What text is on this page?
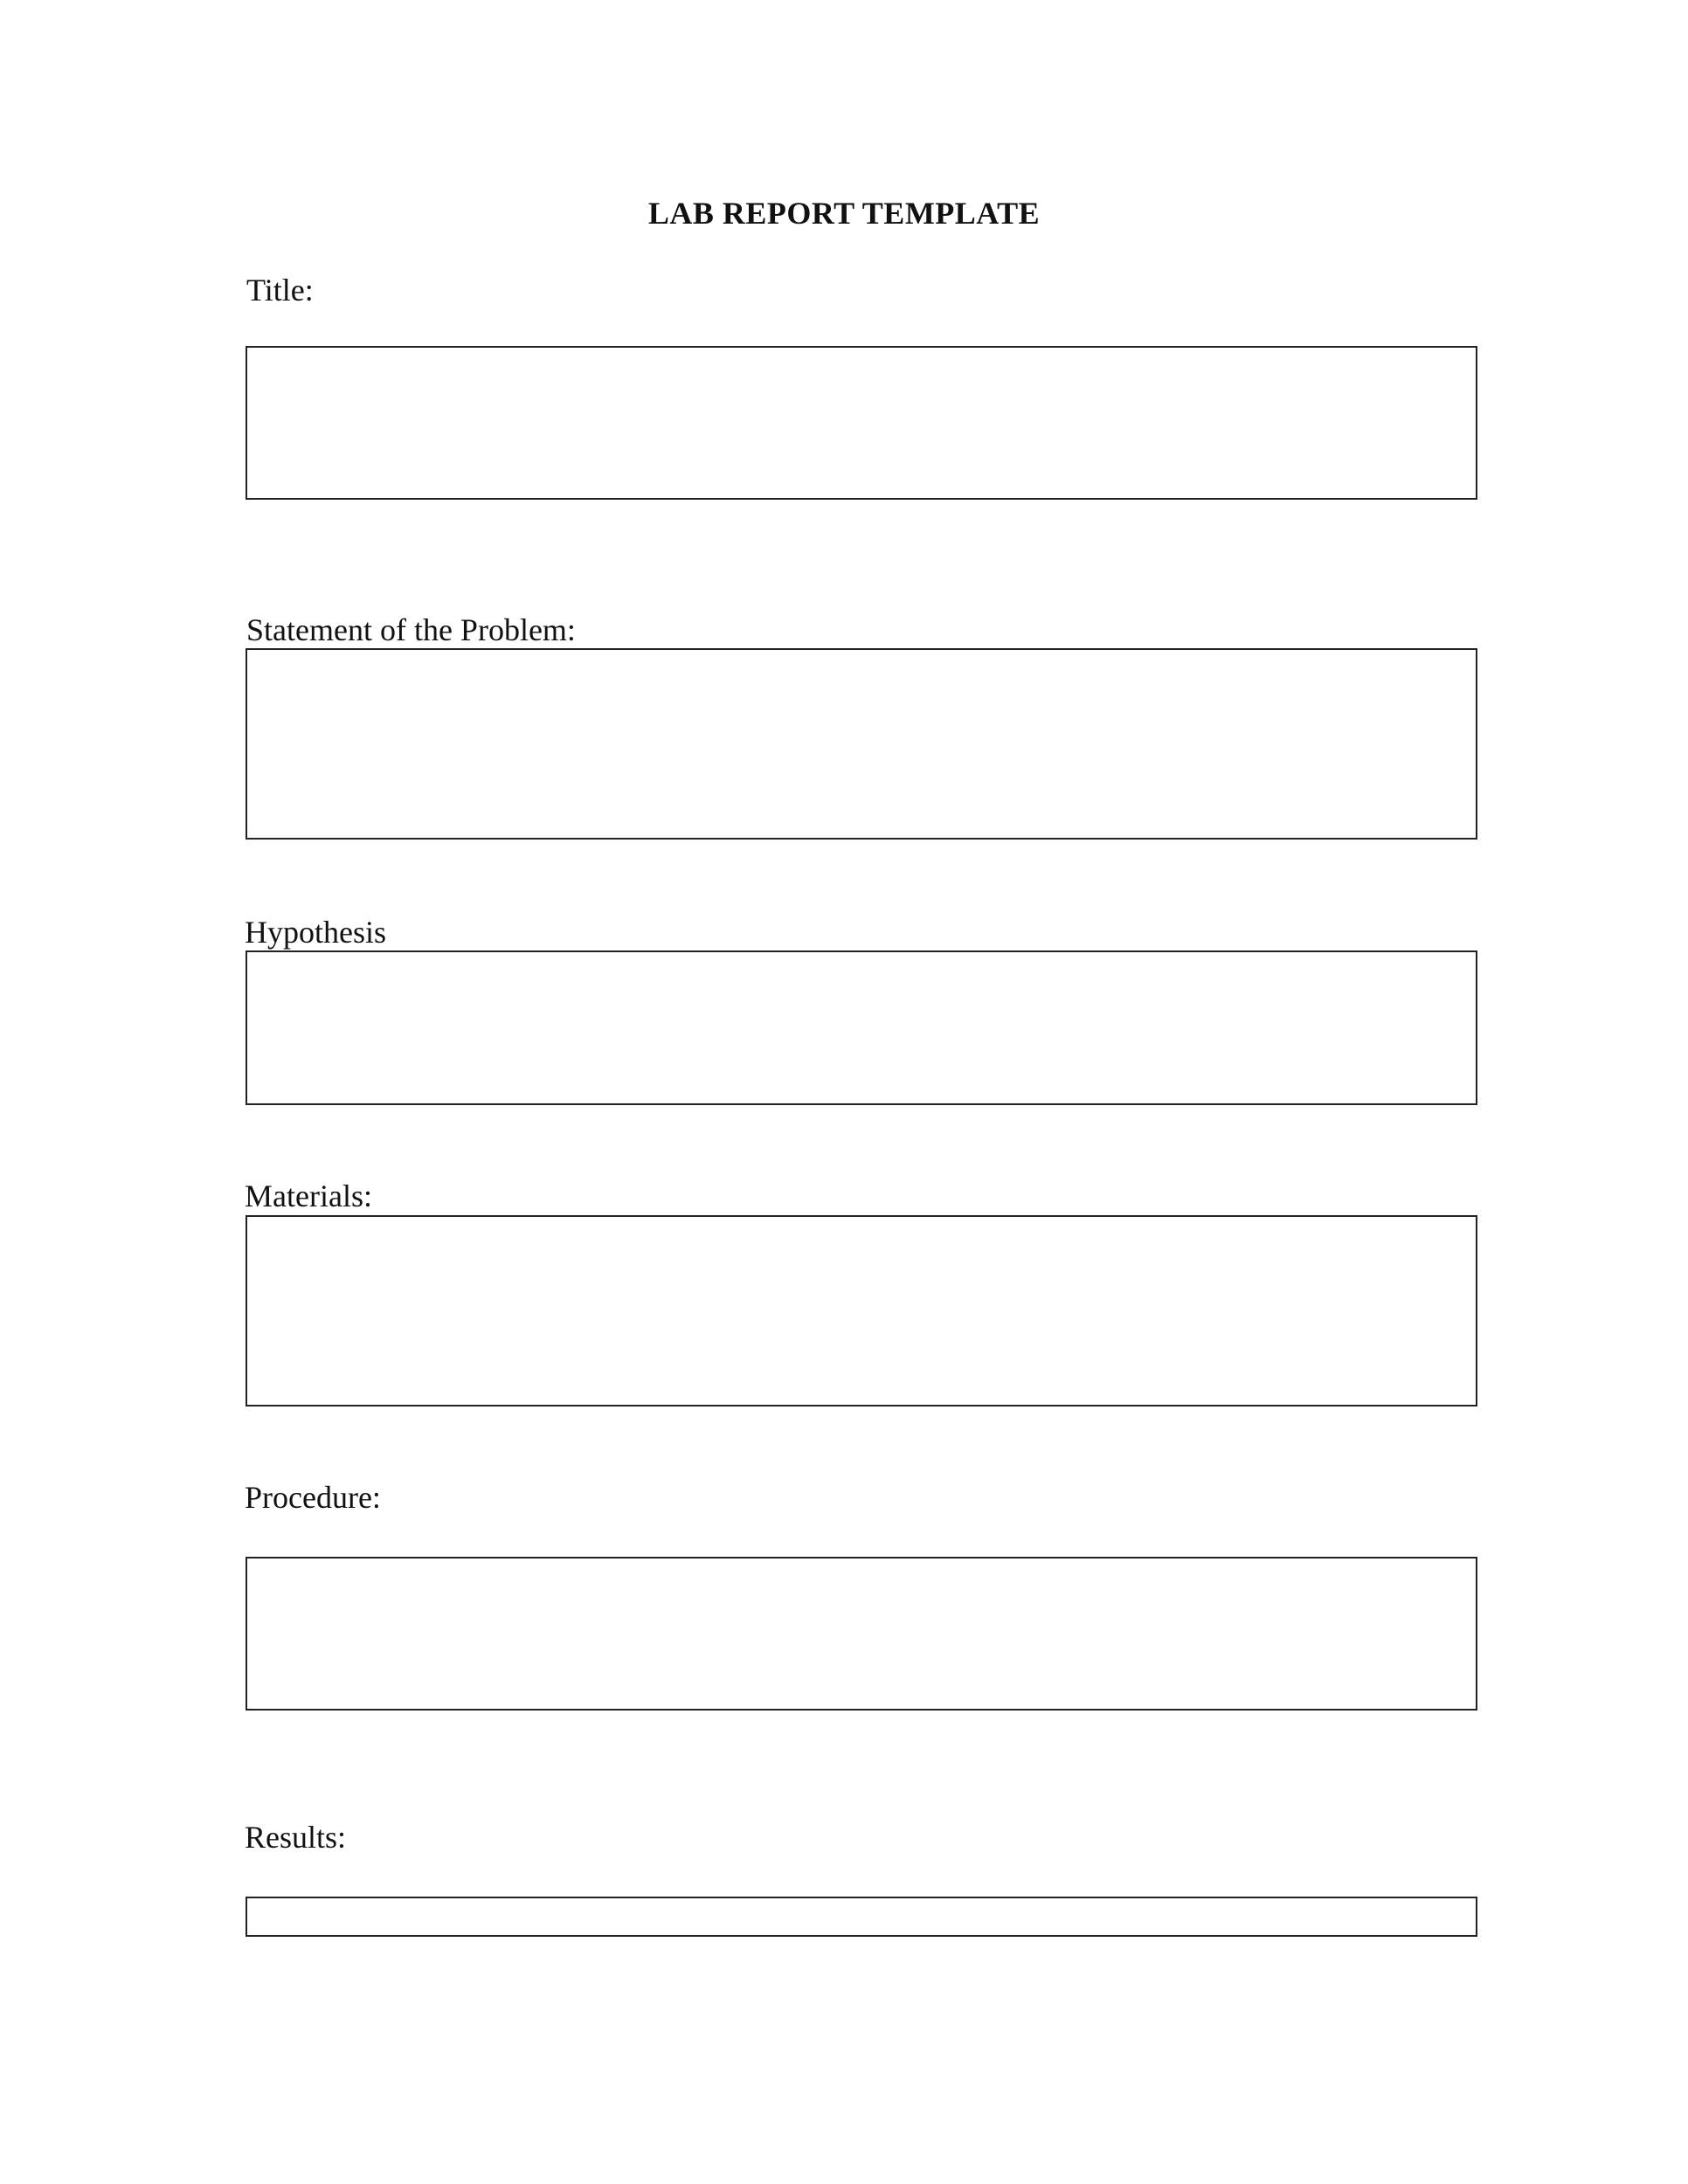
LAB REPORT TEMPLATE
Title:
Statement of the Problem:
Hypothesis
Materials:
Procedure:
Results:
